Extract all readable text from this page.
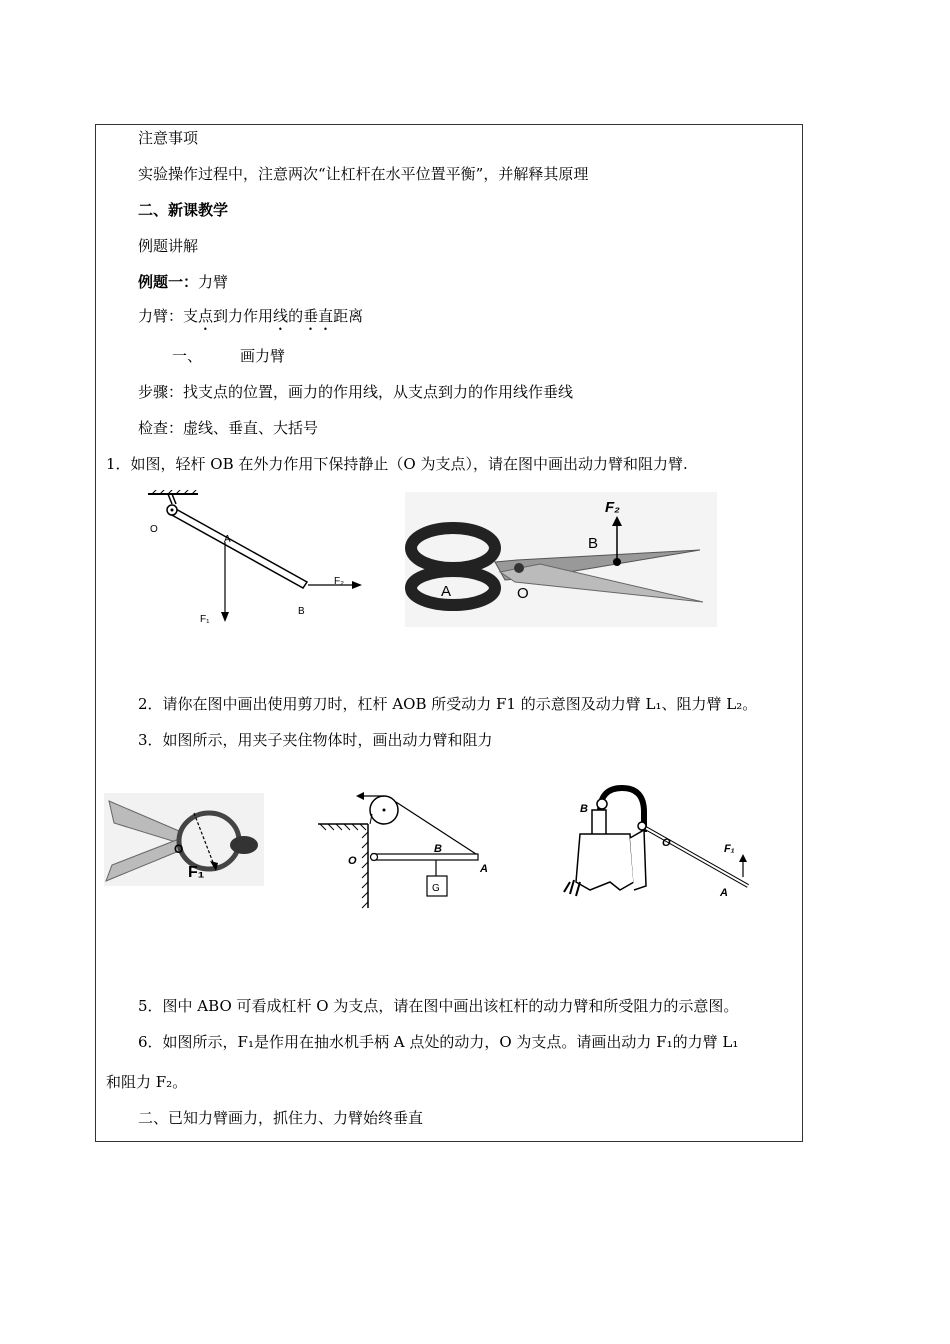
注意事项
实验操作过程中，注意两次“让杠杆在水平位置平衡”，并解释其原理
二、新课教学
例题讲解
例题一：力臂
力臂：支点到力作用线的垂直距离
一、	画力臂
步骤：找支点的位置，画力的作用线，从支点到力的作用线作垂线
检查：虚线、垂直、大括号
1．如图，轻杆 OB 在外力作用下保持静止（O 为支点），请在图中画出动力臂和阻力臂.
O
A
B
F₁
F₂
F₂
B
A	O
2．请你在图中画出使用剪刀时，杠杆 AOB 所受动力 F1 的示意图及动力臂 L₁、阻力臂 L₂。
3．如图所示，用夹子夹住物体时，画出动力臂和阻力
O
F₁
G
O
B
A
B
O	F₁
A
5．图中 ABO 可看成杠杆 O 为支点，请在图中画出该杠杆的动力臂和所受阻力的示意图。
6．如图所示，F₁是作用在抽水机手柄 A 点处的动力，O 为支点。请画出动力 F₁的力臂 L₁
和阻力 F₂。
二、已知力臂画力，抓住力、力臂始终垂直
